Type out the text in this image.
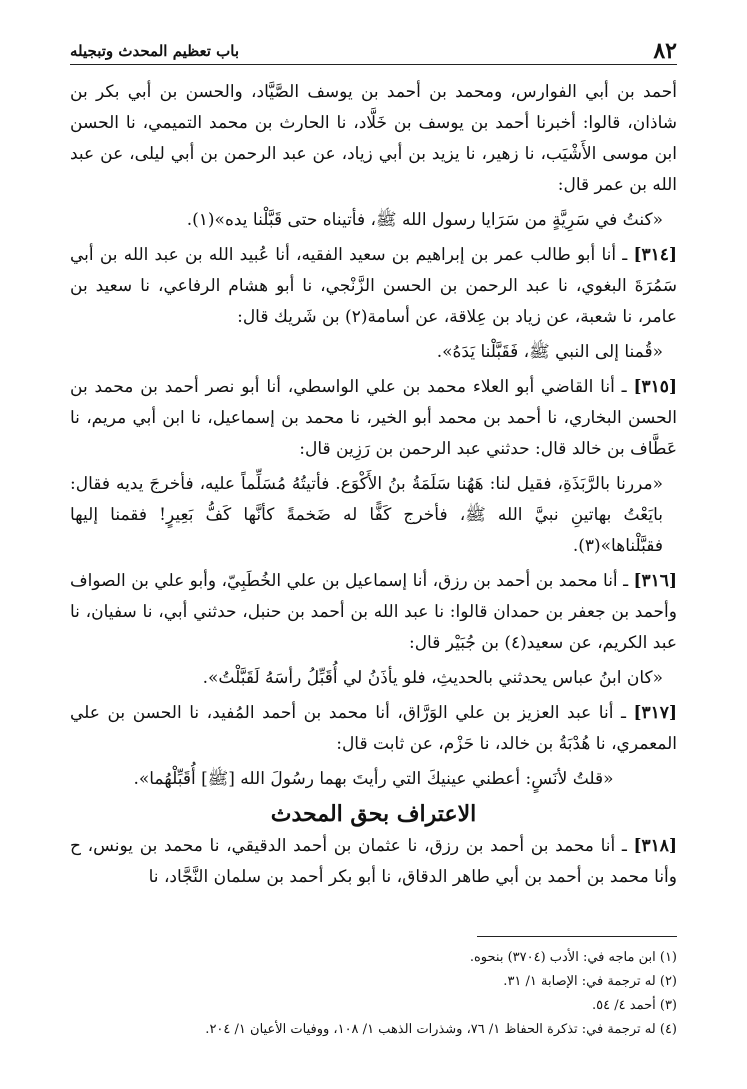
٨٢
باب تعظيم المحدث وتبجيله

أحمد بن أبي الفوارس، ومحمد بن أحمد بن يوسف الصَّيَّاد، والحسن بن أبي بكر بن شاذان، قالوا: أخبرنا أحمد بن يوسف بن خَلَّاد، نا الحارث بن محمد التميمي، نا الحسن ابن موسى الأَشْيَب، نا زهير، نا يزيد بن أبي زياد، عن عبد الرحمن بن أبي ليلى، عن عبد الله بن عمر قال:

«كنتُ في سَرِيَّةٍ من سَرَايا رسول الله ﷺ، فأتيناه حتى قَبَّلْنا يده»(١).

[٣١٤] ـ أنا أبو طالب عمر بن إبراهيم بن سعيد الفقيه، أنا عُبيد الله بن عبد الله بن أبي سَمُرَةَ البغوي، نا عبد الرحمن بن الحسن الزَّنْجي، نا أبو هشام الرفاعي، نا سعيد بن عامر، نا شعبة، عن زياد بن عِلاقة، عن أسامة(٢) بن شَريك قال:

«قُمنا إلى النبي ﷺ، فَقَبَّلْنا يَدَهُ».

[٣١٥] ـ أنا القاضي أبو العلاء محمد بن علي الواسطي، أنا أبو نصر أحمد بن محمد بن الحسن البخاري، نا أحمد بن محمد أبو الخير، نا محمد بن إسماعيل، نا ابن أبي مريم، نا عَطَّاف بن خالد قال: حدثني عبد الرحمن بن رَزِين قال:

«مررنا بالرَّبَذَةِ، فقيل لنا: هَهُنا سَلَمَةُ بنُ الأَكْوَع. فأتيتُهُ مُسَلِّماً عليه، فأخرجَ يديه فقال: بايَعْتُ بهاتينِ نبيَّ الله ﷺ، فأخرج كَفًّا له ضَخمةً كأنَّها كَفُّ بَعِيرٍ! فقمنا إليها فقبَّلْناها»(٣).

[٣١٦] ـ أنا محمد بن أحمد بن رزق، أنا إسماعيل بن علي الخُطَبِيّ، وأبو علي بن الصواف وأحمد بن جعفر بن حمدان قالوا: نا عبد الله بن أحمد بن حنبل، حدثني أبي، نا سفيان، نا عبد الكريم، عن سعيد(٤) بن جُبَيْر قال:

«كان ابنُ عباس يحدثني بالحديثِ، فلو يأذَنُ لي أُقَبِّلُ رأسَهُ لَقَبَّلْتُ».

[٣١٧] ـ أنا عبد العزيز بن علي الوَرَّاق، أنا محمد بن أحمد المُفيد، نا الحسن بن علي المعمري، نا هُدْبَةُ بن خالد، نا حَزْم، عن ثابت قال:

«قلتُ لأنَسٍ: أعطني عينيكَ التي رأيتَ بهما رسُولَ الله [ﷺ] أُقَبِّلْهُما».

الاعتراف بحق المحدث

[٣١٨] ـ أنا محمد بن أحمد بن رزق، نا عثمان بن أحمد الدقيقي، نا محمد بن يونس، ح وأنا محمد بن أحمد بن أبي طاهر الدقاق، نا أبو بكر أحمد بن سلمان النَّجَّاد، نا

(١) ابن ماجه في: الأدب (٣٧٠٤) بنحوه.
(٢) له ترجمة في: الإصابة ١/ ٣١.
(٣) أحمد ٤/ ٥٤.
(٤) له ترجمة في: تذكرة الحفاظ ١/ ٧٦، وشذرات الذهب ١/ ١٠٨، ووفيات الأعيان ١/ ٢٠٤.
